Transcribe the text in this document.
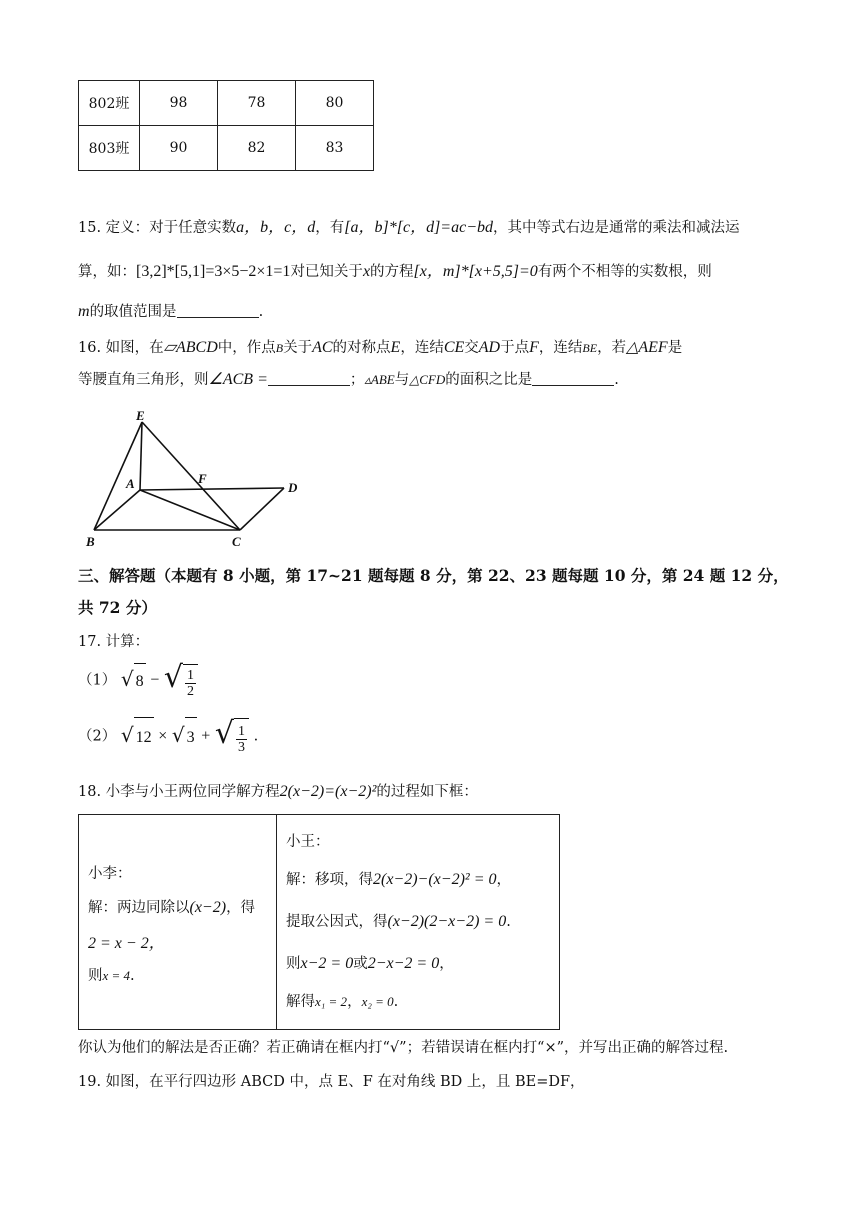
802班	98	78	80
803班	90	82	83
15. 定义：对于任意实数a，b，c，d，有[a，b]*[c，d]=ac−bd，其中等式右边是通常的乘法和减法运
算，如：[3,2]*[5,1]=3×5−2×1=1对已知关于x的方程[x，m]*[x+5,5]=0有两个不相等的实数根，则
m的取值范围是	.
16. 如图，在▱ABCD中，作点B关于AC的对称点E，连结CE交AD于点F，连结BE，若△AEF是
等腰直角三角形，则∠ACB =	；▵ABE与△CFD的面积之比是	.
E
F
A	D
B	C
三、解答题（本题有 8 小题，第 17~21 题每题 8 分，第 22、23 题每题 10 分，第 24 题 12 分，
共 72 分）
17. 计算：
（1） √ 8 − √ $\frac{1}{2}$
（2） √ 12 × √ 3 + √ $\frac{1}{3}$ .
18. 小李与小王两位同学解方程2(x−2)=(x−2)²的过程如下框：
小李：
解：两边同除以(x−2)，得
2 = x − 2，
则x = 4.
小王：
解：移项，得2(x−2)−(x−2)² = 0，
提取公因式，得(x−2)(2−x−2) = 0.
则x−2 = 0或2−x−2 = 0，
解得x₁ = 2，x₂ = 0.
你认为他们的解法是否正确？若正确请在框内打“√”；若错误请在框内打“×”，并写出正确的解答过程.
19. 如图，在平行四边形 ABCD 中，点 E、F 在对角线 BD 上，且 BE=DF，
